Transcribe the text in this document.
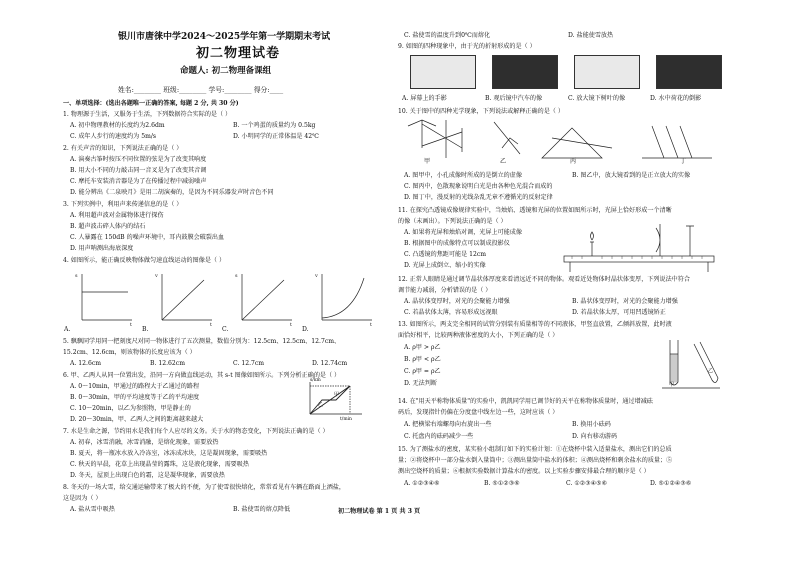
银川市唐徕中学2024～2025学年第一学期期末考试
初二物理试卷
命题人: 初二物理备课组
姓名:________ 班级:________ 学号:________ 得分:____
一、单项选择：(选出各题唯一正确的答案, 每题 2 分, 共 30 分)
1. 物理源于生活，又服务于生活，下列数据符合实际的是（ ）
A. 初中物理教材的长度约为2.6dm	B. 一个鸡蛋的质量约为 0.5kg
C. 成年人步行的速度约为 5m/s	D. 小明同学的正常体温是 42℃
2. 有关声音的知识，下列说法正确的是（ ）
A. 演奏古筝时按压不同位置的弦是为了改变其响度
B. 用大小不同的力敲击同一音叉是为了改变其音调
C. 摩托车安装消音器是为了在传播过程中减弱噪声
D. 能分辨出《二泉映月》是用二胡演奏的，是因为不同乐器发声时音色不同
3. 下列实例中，利用声来传递信息的是（ ）
A. 利用超声波对金属物体进行探伤
B. 超声波击碎人体内的结石
C. 人暴露在 150dB 的噪声环境中，耳内鼓膜会破裂出血
D. 用声呐测出海底深度
4. 如图所示，能正确反映物体做匀速直线运动的图像是（ ）
s
t
v
t
s
t
v
t
A.	B.	C.	D.
5. 飘飘同学用同一把刻度尺对同一物体进行了五次测量，数值分别为：12.5cm、12.5cm、12.7cm、
15.2cm、12.6cm，则该物体的长度应该为（ ）
A. 12.6cm	B. 12.62cm	C. 12.7cm	D. 12.74cm
6. 甲、乙两人从同一位置出发，沿同一方向做直线运动，其 s-t 图像如图所示。下列分析正确的是（ ）
A. 0～10min，甲通过的路程大于乙通过的路程
B. 0～30min，甲的平均速度等于乙的平均速度
C. 10～20min，以乙为参照物，甲是静止的
D. 20～30min，甲、乙两人之间的距离越来越大
s/km
t/min
甲
乙
7. 水是生命之源，节约用水是我们每个人应尽的义务。关于水的物态变化，下列说法正确的是（ ）
A. 初春，冰雪消融，冰雪消融，是熔化现象，需要放热
B. 夏天，将一瓶冰水放入冷冻室，冰冻成冰块，这是凝固现象，需要吸热
C. 秋天的早晨，花草上出现晶莹的露珠，这是液化现象，需要吸热
D. 冬天，屋顶上出现白色的霜，这是凝华现象，需要放热
8. 冬天的一场大雪，给交通运输带来了极大的不便，为了使雪很快熔化，常常看见有车辆在路面上洒盐，
这是因为（ ）
A. 盐从雪中吸热	B. 盐使雪的熔点降低
C. 盐使雪的温度升到0℃而熔化	D. 盐能使雪放热
9. 如图的四种现象中，由于光的折射形成的是（ ）
A. 屏幕上的手影	B. 观后镜中汽车的像	C. 放大镜下树叶的像	D. 水中荷花的倒影
10. 关于图中的四种光学现象，下列说法或解释正确的是（ ）
甲	乙	丙	丁
A. 图甲中，小孔成像时所成的是倒立的虚像	B. 图乙中，放大镜看到的是正立放大的实像
C. 图丙中，色散现象说明白光是由各种色光混合而成的
D. 图丁中，漫反射的光线杂乱无章不遵循光的反射定律
11. 在探究凸透镜成像规律实验中，当烛焰、透镜和光屏的位置如图所示时，光屏上恰好形成一个清晰
的像（未画出）。下列说法正确的是（ ）
A. 如果将光屏和烛焰对调，光屏上可能成像
B. 根据图中的成像特点可以制成投影仪
C. 凸透镜的焦距可能是 12cm
D. 光屏上成倒立、缩小的实像
12. 正常人眼睛是通过调节晶状体厚度来看清远近不同的物体。观看近处物体时晶状体变厚，下列说法中符合
调节能力减弱，分析错误的是（ ）
A. 晶状体变厚时，对光的会聚能力增强	B. 晶状体变厚时，对光的会聚能力增强
C. 若晶状体太薄，容易形成远视眼	D. 若晶状体太厚，可用凹透镜矫正
13. 如图所示，两支完全相同的试管分别装有质量相等的不同液体，甲竖直放置，乙倾斜放置，此时液
面恰好相平，比较两种液体密度的大小，下列正确的是（ ）
A. ρ甲 > ρ乙
B. ρ甲 < ρ乙
C. ρ甲 = ρ乙
D. 无法判断	甲
乙
14. 在"用天平称物体质量"的实验中，凯凯同学用已调节好的天平在称物体质量时，通过增减砝
码后，发现指针仍偏在分度盘中线左边一些，这时应该（ ）
A. 把横梁右端螺母向右旋出一些	B. 换用小砝码
C. 托盘内的砝码减少一些	D. 向右移动游码
15. 为了测盐水的密度，某实验小组制订如下的实验计划：①在烧杯中装入适量盐水，测出它们的总质
量；②将烧杯中一部分盐水倒入量筒中；③测出量筒中盐水的体积；④测出烧杯和剩余盐水的质量；⑤
测出空烧杯的质量；⑥根据实验数据计算盐水的密度。以上实验步骤安排最合理的顺序是（ ）
A. ①②③④⑥	B. ⑤①②③⑥	C. ①②③④⑤⑥	D. ⑤①②④③⑥
初二物理试卷 第 1 页 共 3 页
